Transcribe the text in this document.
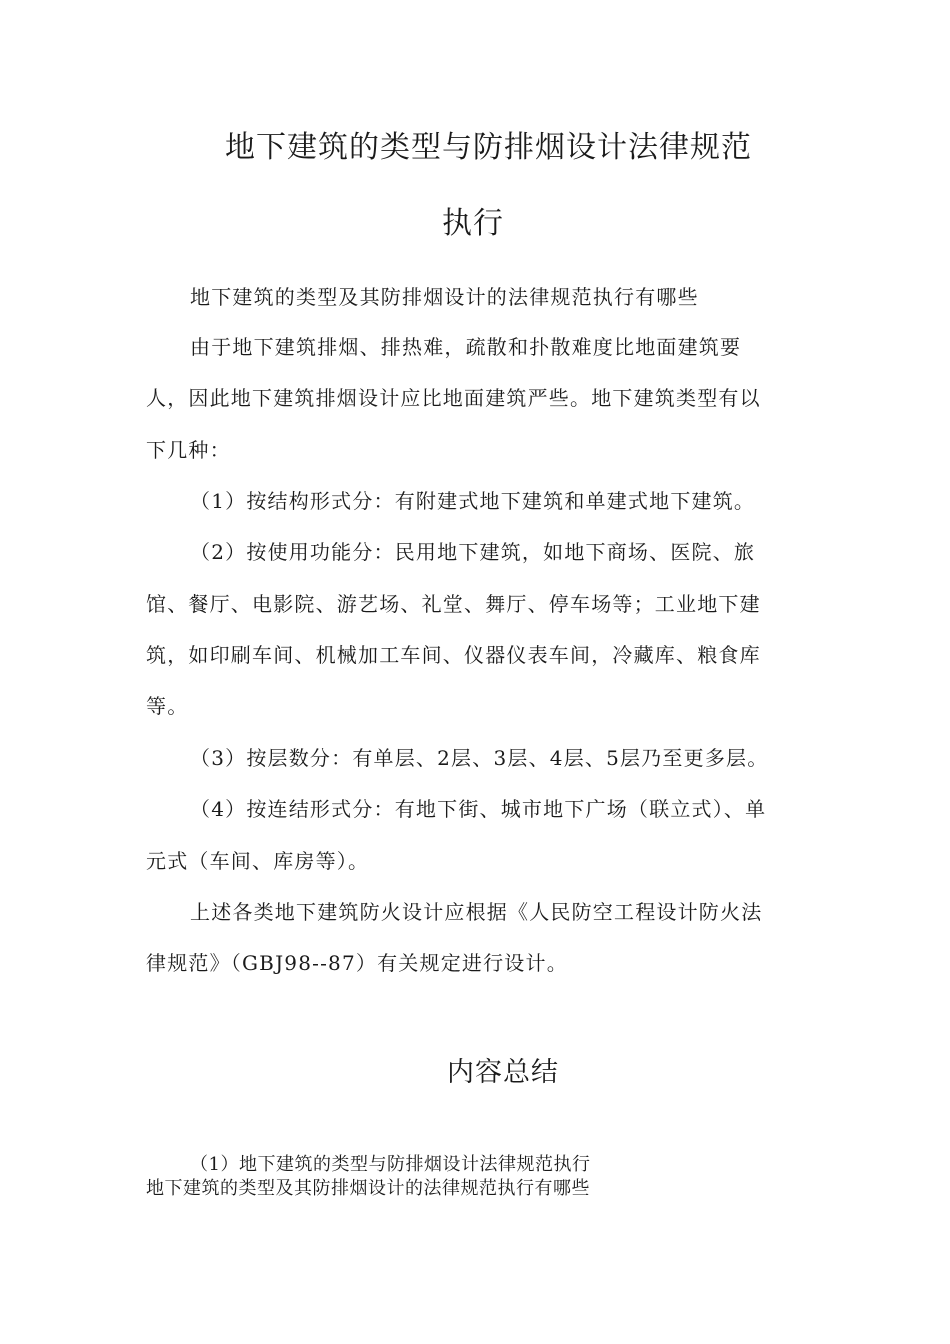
地下建筑的类型与防排烟设计法律规范
执行
地下建筑的类型及其防排烟设计的法律规范执行有哪些
由于地下建筑排烟、排热难，疏散和扑散难度比地面建筑要
人，因此地下建筑排烟设计应比地面建筑严些。地下建筑类型有以
下几种：
（1）按结构形式分：有附建式地下建筑和单建式地下建筑。
（2）按使用功能分：民用地下建筑，如地下商场、医院、旅
馆、餐厅、电影院、游艺场、礼堂、舞厅、停车场等；工业地下建
筑，如印刷车间、机械加工车间、仪器仪表车间，冷藏库、粮食库
等。
（3）按层数分：有单层、2层、3层、4层、5层乃至更多层。
（4）按连结形式分：有地下街、城市地下广场（联立式）、单
元式（车间、库房等）。
上述各类地下建筑防火设计应根据《人民防空工程设计防火法
律规范》（GBJ98--87）有关规定进行设计。
内容总结
（1）地下建筑的类型与防排烟设计法律规范执行
地下建筑的类型及其防排烟设计的法律规范执行有哪些
